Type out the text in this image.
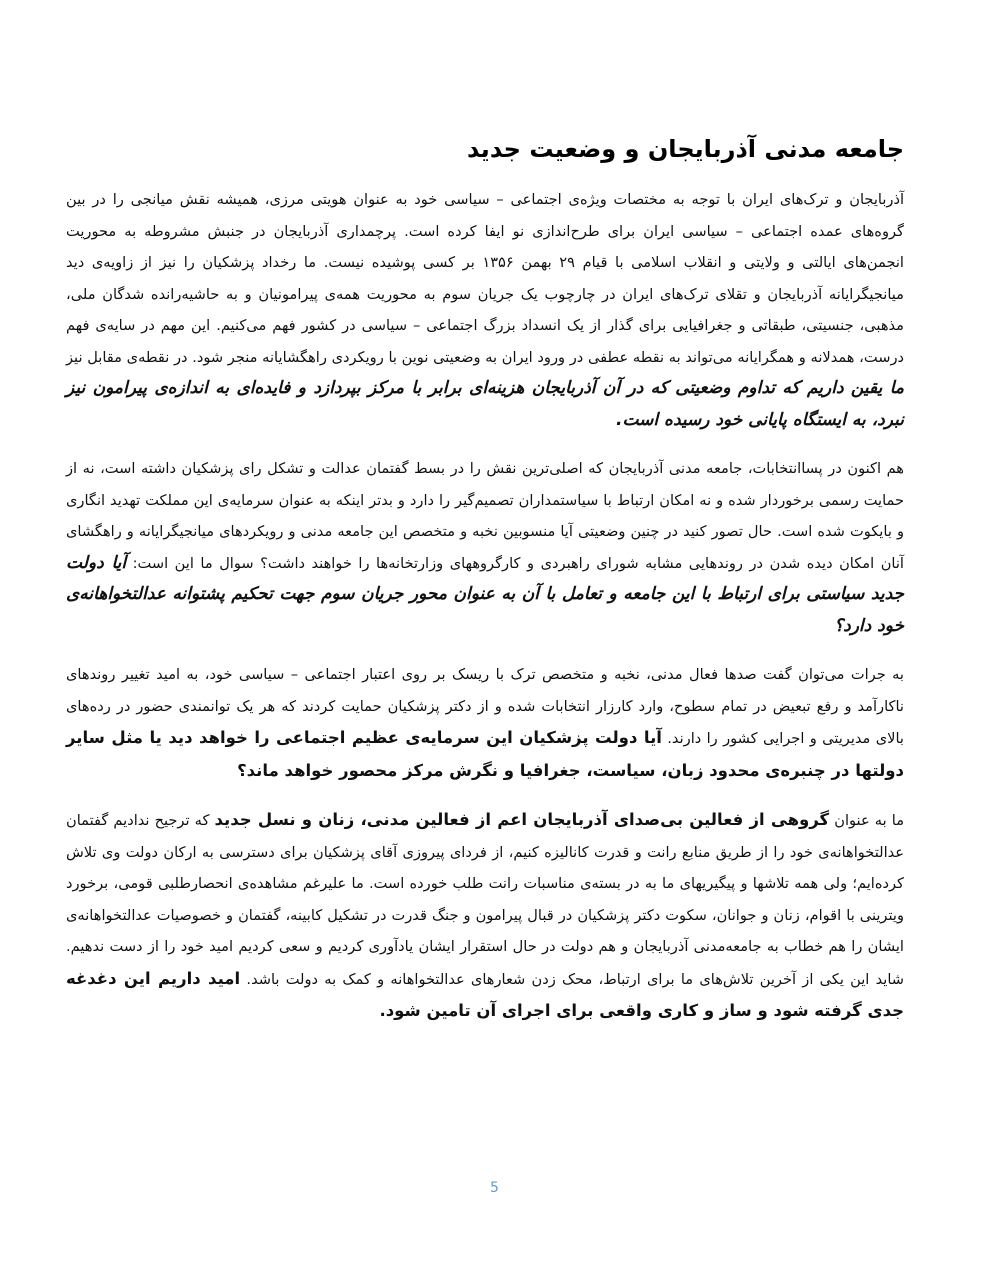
جامعه مدنی آذربایجان و وضعیت جدید

آذربایجان و ترک‌های ایران با توجه به مختصات ویژه‌ی اجتماعی – سیاسی خود به عنوان هویتی مرزی، همیشه نقش میانجی را در بین گروه‌های عمده اجتماعی – سیاسی ایران برای طرح‌اندازی نو ایفا کرده است. پرچمداری آذربایجان در جنبش مشروطه به محوریت انجمن‌های ایالتی و ولایتی و انقلاب اسلامی با قیام ۲۹ بهمن ۱۳۵۶ بر کسی پوشیده نیست. ما رخداد پزشکیان را نیز از زاویه‌ی دید میانجیگرایانه آذربایجان و تقلای ترک‌های ایران در چارچوب یک جریان سوم به محوریت همه‌ی پیرامونیان و به حاشیه‌رانده شدگان ملی، مذهبی، جنسیتی، طبقاتی و جغرافیایی برای گذار از یک انسداد بزرگ اجتماعی – سیاسی در کشور فهم می‌کنیم. این مهم در سایه‌ی فهم درست، همدلانه و همگرایانه می‌تواند به نقطه عطفی در ورود ایران به وضعیتی نوین با رویکردی راهگشایانه منجر شود. در نقطه‌ی مقابل نیز ما یقین داریم که تداوم وضعیتی که در آن آذربایجان هزینه‌ای برابر با مرکز بپردازد و فایده‌ای به اندازه‌ی پیرامون نیز نبرد، به ایستگاه پایانی خود رسیده است.

هم اکنون در پساانتخابات، جامعه مدنی آذربایجان که اصلی‌ترین نقش را در بسط گفتمان عدالت و تشکل رای پزشکیان داشته است، نه از حمایت رسمی برخوردار شده و نه امکان ارتباط با سیاستمداران تصمیم‌گیر را دارد و بدتر اینکه به عنوان سرمایه‌ی این مملکت تهدید انگاری و بایکوت شده است. حال تصور کنید در چنین وضعیتی آیا منسوبین نخبه و متخصص این جامعه مدنی و رویکردهای میانجیگرایانه و راهگشای آنان امکان دیده شدن در روندهایی مشابه شورای راهبردی و کارگروههای وزارتخانه‌ها را خواهند داشت؟ سوال ما این است: آیا دولت جدید سیاستی برای ارتباط با این جامعه و تعامل با آن به عنوان محور جریان سوم جهت تحکیم پشتوانه عدالتخواهانه‌ی خود دارد؟

به جرات می‌توان گفت صدها فعال مدنی، نخبه و متخصص ترک با ریسک بر روی اعتبار اجتماعی – سیاسی خود، به امید تغییر روندهای ناکارآمد و رفع تبعیض در تمام سطوح، وارد کارزار انتخابات شده و از دکتر پزشکیان حمایت کردند که هر یک توانمندی حضور در رده‌های بالای مدیریتی و اجرایی کشور را دارند. آیا دولت پزشکیان این سرمایه‌ی عظیم اجتماعی را خواهد دید یا مثل سایر دولتها در چنبره‌ی محدود زبان، سیاست، جغرافیا و نگرش مرکز محصور خواهد ماند؟

ما به عنوان گروهی از فعالین بی‌صدای آذربایجان اعم از فعالین مدنی، زنان و نسل جدید که ترجیح ندادیم گفتمان عدالتخواهانه‌ی خود را از طریق منابع رانت و قدرت کانالیزه کنیم، از فردای پیروزی آقای پزشکیان برای دسترسی به ارکان دولت وی تلاش کرده‌ایم؛ ولی همه تلاشها و پیگیریهای ما به در بسته‌ی مناسبات رانت طلب خورده است. ما علیرغم مشاهده‌ی انحصارطلبی قومی، برخورد ویترینی با اقوام، زنان و جوانان، سکوت دکتر پزشکیان در قبال پیرامون و جنگ قدرت در تشکیل کابینه، گفتمان و خصوصیات عدالتخواهانه‌ی ایشان را هم خطاب به جامعه‌مدنی آذربایجان و هم دولت در حال استقرار ایشان یادآوری کردیم و سعی کردیم امید خود را از دست ندهیم. شاید این یکی از آخرین تلاش‌های ما برای ارتباط، محک زدن شعارهای عدالتخواهانه و کمک به دولت باشد. امید داریم این دغدغه جدی گرفته شود و ساز و کاری واقعی برای اجرای آن تامین شود.

5
